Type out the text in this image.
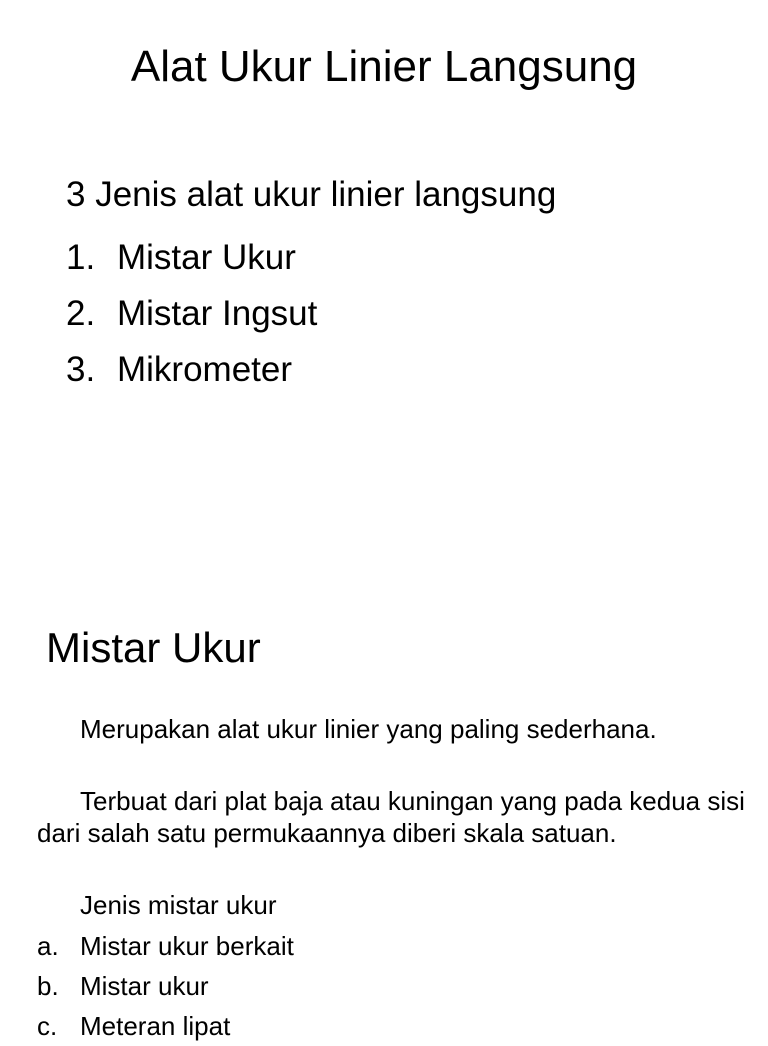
Alat Ukur Linier Langsung

3 Jenis alat ukur linier langsung

1. Mistar Ukur
2. Mistar Ingsut
3. Mikrometer
Mistar Ukur

Merupakan alat ukur linier yang paling sederhana.

Terbuat dari plat baja atau kuningan yang pada kedua sisi dari salah satu permukaannya diberi skala satuan.

Jenis mistar ukur

a. Mistar ukur berkait
b. Mistar ukur
c. Meteran lipat
